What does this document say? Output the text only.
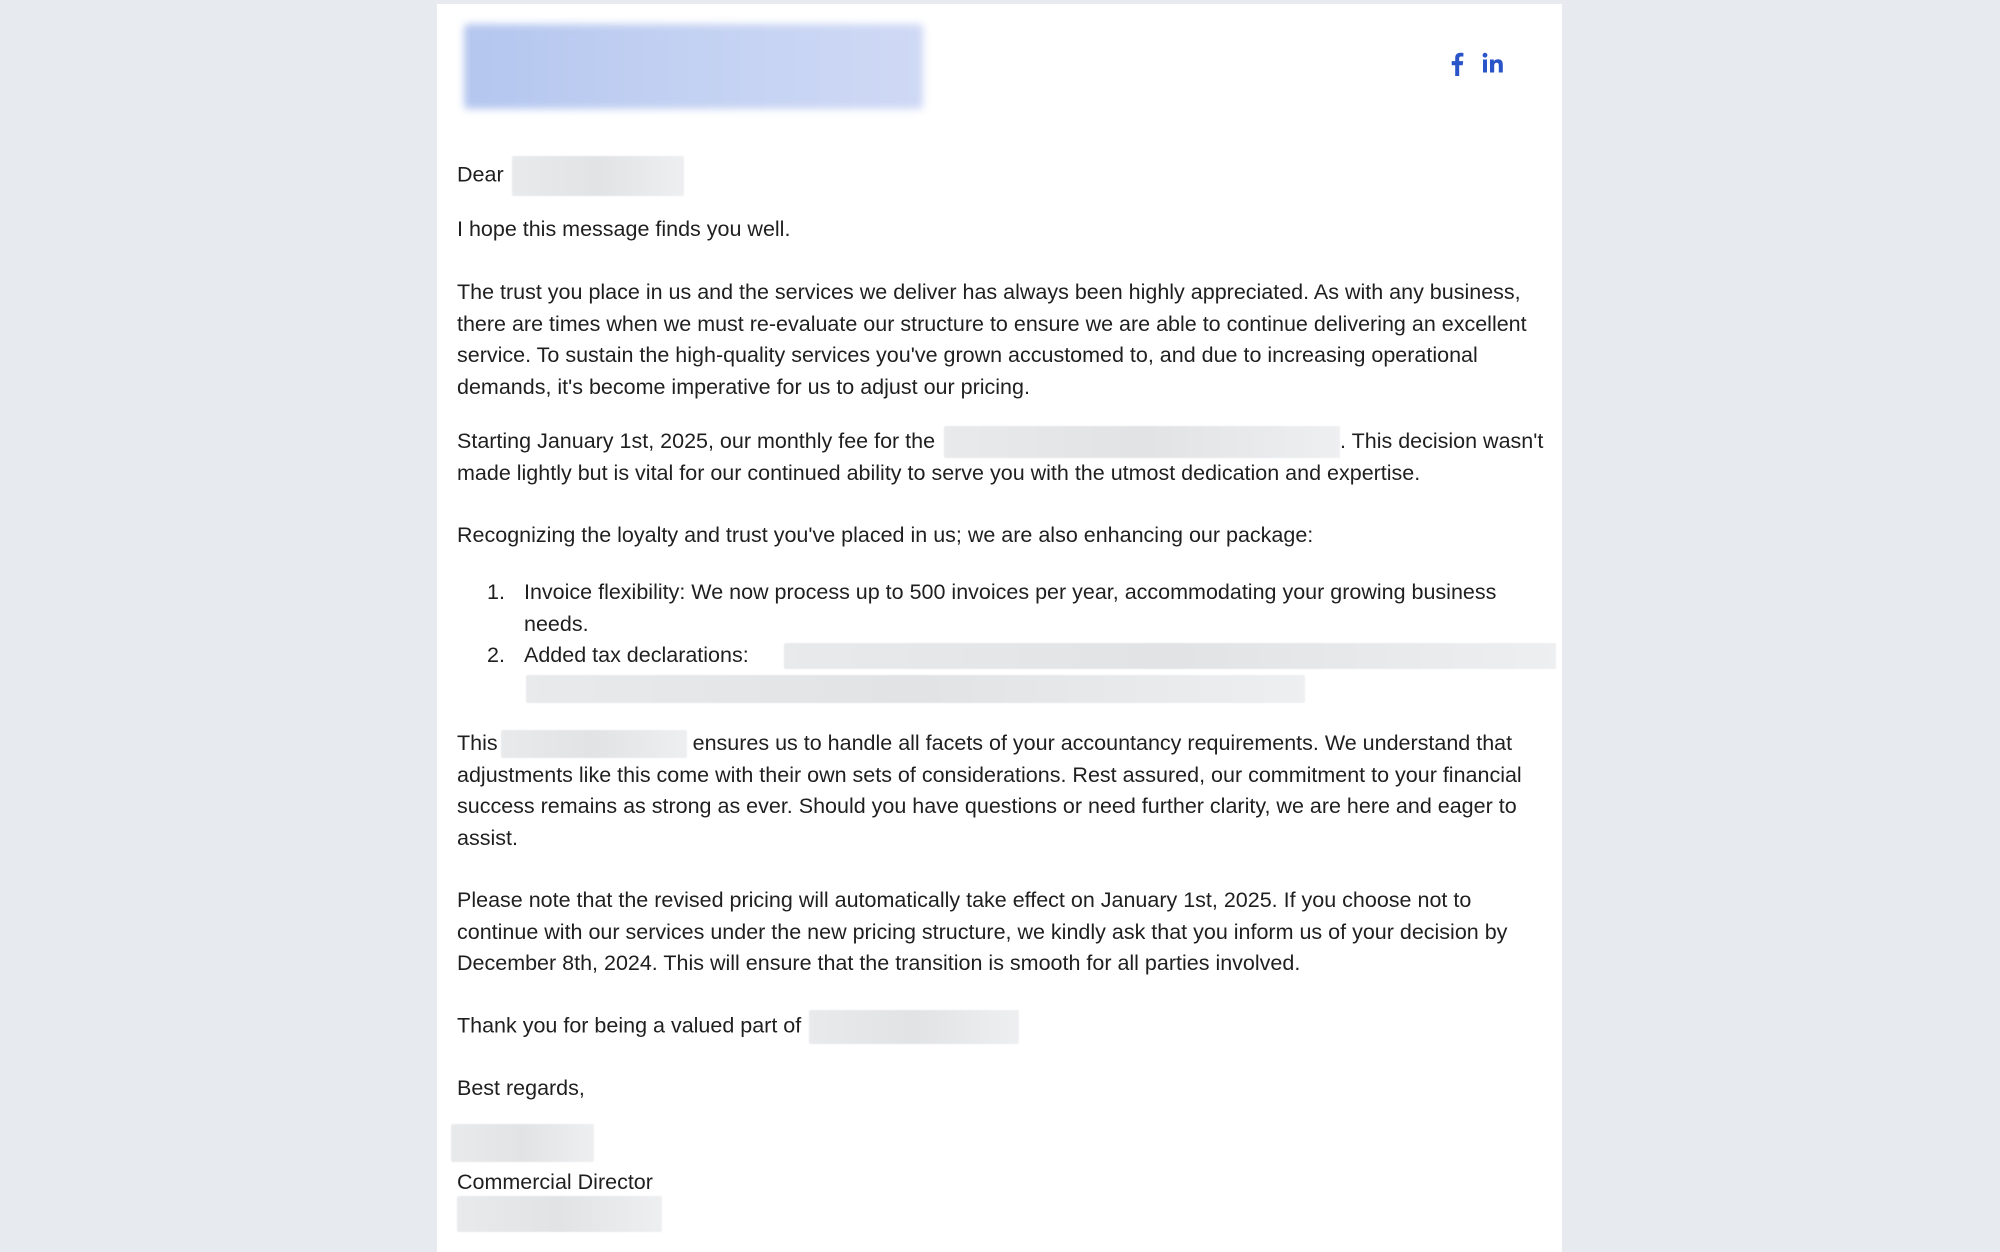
Dear

I hope this message finds you well.

The trust you place in us and the services we deliver has always been highly appreciated. As with any business, there are times when we must re-evaluate our structure to ensure we are able to continue delivering an excellent service. To sustain the high-quality services you've grown accustomed to, and due to increasing operational demands, it's become imperative for us to adjust our pricing.

Starting January 1st, 2025, our monthly fee for the	. This decision wasn't made lightly but is vital for our continued ability to serve you with the utmost dedication and expertise.

Recognizing the loyalty and trust you've placed in us; we are also enhancing our package:

1. Invoice flexibility: We now process up to 500 invoices per year, accommodating your growing business needs.
2. Added tax declarations:

This	ensures us to handle all facets of your accountancy requirements. We understand that adjustments like this come with their own sets of considerations. Rest assured, our commitment to your financial success remains as strong as ever. Should you have questions or need further clarity, we are here and eager to assist.

Please note that the revised pricing will automatically take effect on January 1st, 2025. If you choose not to continue with our services under the new pricing structure, we kindly ask that you inform us of your decision by December 8th, 2024. This will ensure that the transition is smooth for all parties involved.

Thank you for being a valued part of

Best regards,

Commercial Director
